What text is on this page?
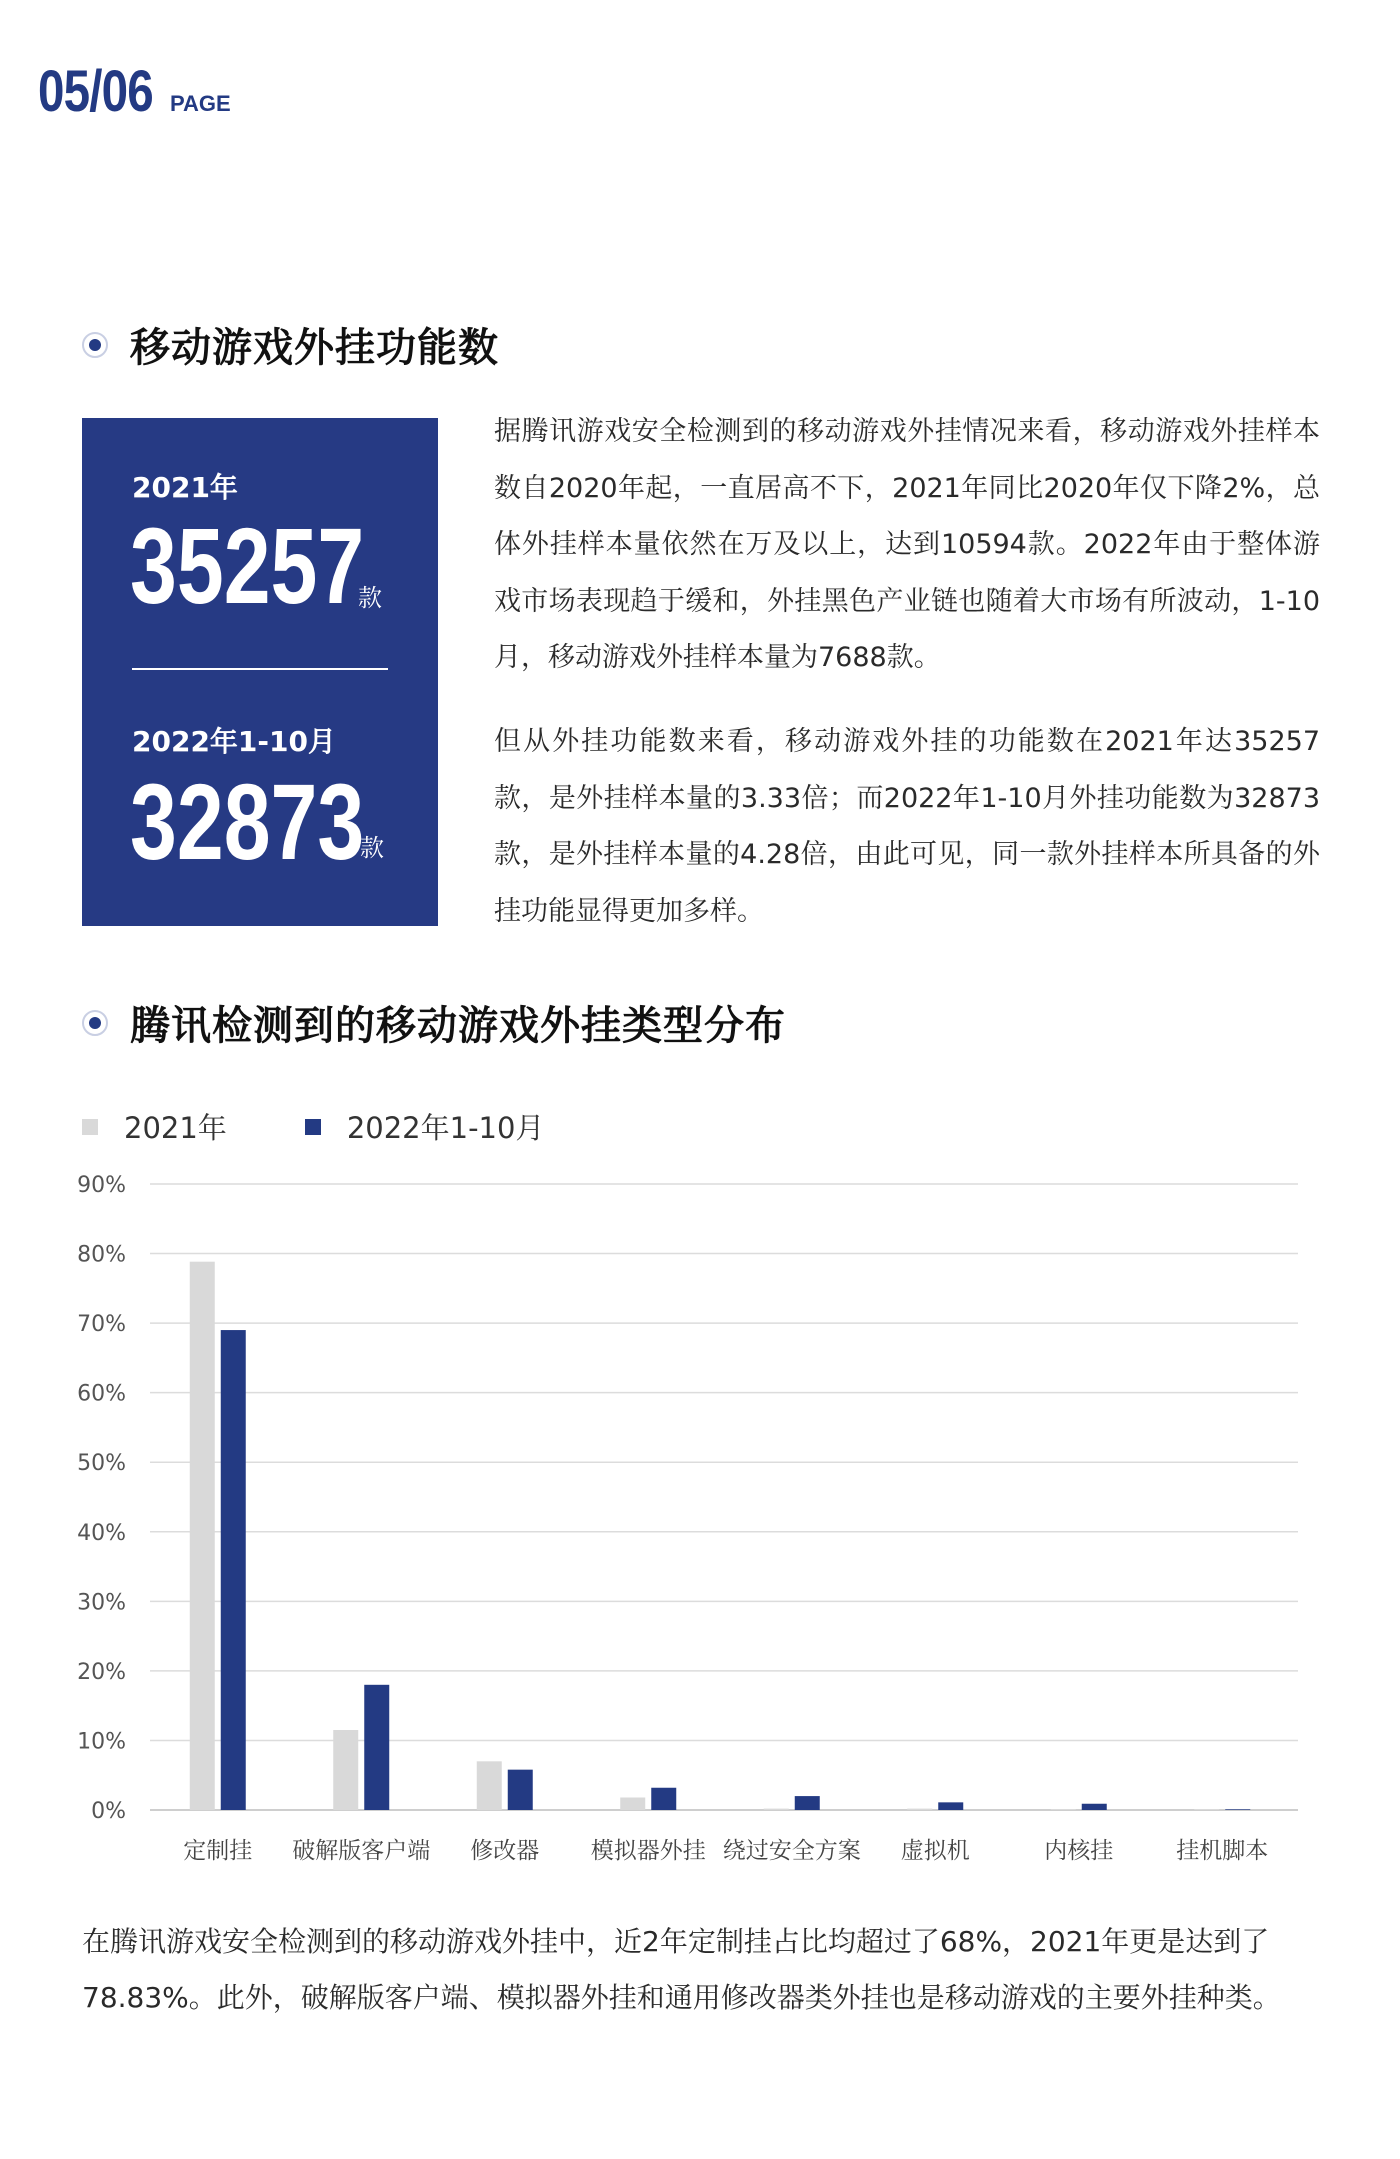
05/06 PAGE
移动游戏外挂功能数
2021年
35257
款
2022年1-10月
32873
款

据腾讯游戏安全检测到的移动游戏外挂情况来看，移动游戏外挂样本数自2020年起，一直居高不下，2021年同比2020年仅下降2%，总体外挂样本量依然在万及以上，达到10594款。2022年由于整体游戏市场表现趋于缓和，外挂黑色产业链也随着大市场有所波动，1-10月，移动游戏外挂样本量为7688款。

但从外挂功能数来看，移动游戏外挂的功能数在2021年达35257款，是外挂样本量的3.33倍；而2022年1-10月外挂功能数为32873款，是外挂样本量的4.28倍，由此可见，同一款外挂样本所具备的外挂功能显得更加多样。

腾讯检测到的移动游戏外挂类型分布
2021年	2022年1-10月
0%
10%
20%
30%
40%
50%
60%
70%
80%
90%
定制挂 破解版客户端 修改器 模拟器外挂 绕过安全方案 虚拟机	内核挂	挂机脚本

在腾讯游戏安全检测到的移动游戏外挂中，近2年定制挂占比均超过了68%，2021年更是达到了78.83%。此外，破解版客户端、模拟器外挂和通用修改器类外挂也是移动游戏的主要外挂种类。
